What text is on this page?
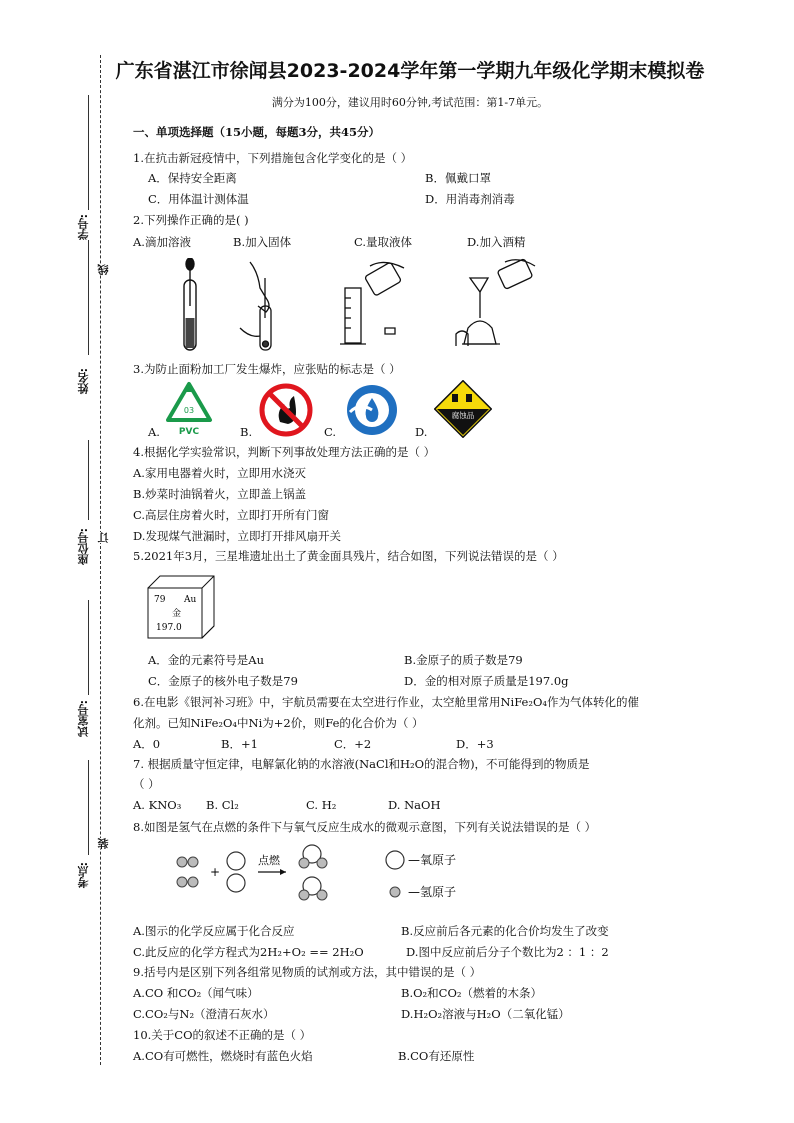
学号:
线
姓名:
座位号: 订
试室号:
装
考点:
广东省湛江市徐闻县2023-2024学年第一学期九年级化学期末模拟卷
满分为100分，建议用时60分钟,考试范围：第1-7单元。
一、单项选择题（15小题，每题3分，共45分）
1.在抗击新冠疫情中，下列措施包含化学变化的是（ ）
A．保持安全距离	B．佩戴口罩
C．用体温计测体温	D．用消毒剂消毒
2.下列操作正确的是( )
A.滴加溶液	B.加入固体	C.量取液体	D.加入酒精
3.为防止面粉加工厂发生爆炸，应张贴的标志是（ ）
A.	B.	C.	D.
03
PVC
腐蚀品
4.根据化学实验常识，判断下列事故处理方法正确的是（ ）
A.家用电器着火时，立即用水浇灭
B.炒菜时油锅着火，立即盖上锅盖
C.高层住房着火时，立即打开所有门窗
D.发现煤气泄漏时，立即打开排风扇开关
5.2021年3月，三星堆遗址出土了黄金面具残片，结合如图，下列说法错误的是（ ）
79 Au
金
197.0
A．金的元素符号是Au	B.金原子的质子数是79
C．金原子的核外电子数是79	D．金的相对原子质量是197.0g
6.在电影《银河补习班》中，宇航员需要在太空进行作业，太空舱里常用NiFe₂O₄作为气体转化的催
化剂。已知NiFe₂O₄中Ni为+2价，则Fe的化合价为（ ）
A．0	B．+1	C．+2	D．+3
7. 根据质量守恒定律，电解氯化钠的水溶液(NaCl和H₂O的混合物)，不可能得到的物质是
（ ）
A. KNO₃ B. Cl₂	C. H₂	D. NaOH
8.如图是氢气在点燃的条件下与氧气反应生成水的微观示意图，下列有关说法错误的是（ ）
+
点燃	—氧原子
—氢原子
A.图示的化学反应属于化合反应	B.反应前后各元素的化合价均发生了改变
C.此反应的化学方程式为2H₂+O₂ == 2H₂O	D.图中反应前后分子个数比为2 ：1 ：2
9.括号内是区别下列各组常见物质的试剂或方法，其中错误的是（ ）
A.CO 和CO₂（闻气味）	B.O₂和CO₂（燃着的木条）
C.CO₂与N₂（澄清石灰水）	D.H₂O₂溶液与H₂O（二氧化锰）
10.关于CO的叙述不正确的是（ ）
A.CO有可燃性，燃烧时有蓝色火焰	B.CO有还原性
